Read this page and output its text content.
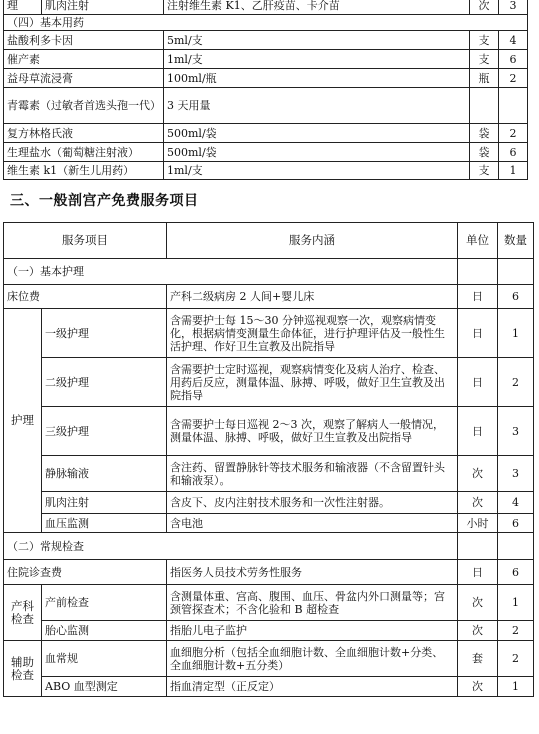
理	肌肉注射	注射维生素 K1、乙肝疫苗、卡介苗	次	3
（四）基本用药				
盐酸利多卡因		5ml/支	支	4
催产素		1ml/支	支	6
益母草流浸膏		100ml/瓶	瓶	2
青霉素（过敏者首选头孢一代）		3 天用量		
复方林格氏液		500ml/袋	袋	2
生理盐水（葡萄糖注射液）		500ml/袋	袋	6
维生素 k1（新生儿用药）		1ml/支	支	1
三、一般剖宫产免费服务项目
服务项目		服务内涵	单位	数量
（一）基本护理				
床位费		产科二级病房 2 人间+婴儿床	日	6
护理	一级护理	含需要护士每 15～30 分钟巡视观察一次，观察病情变化，根据病情变测量生命体征，进行护理评估及一般性生活护理、作好卫生宣教及出院指导	日	1
	二级护理	含需要护士定时巡视，观察病情变化及病人治疗、检查、用药后反应，测量体温、脉搏、呼吸，做好卫生宣教及出院指导	日	2
	三级护理	含需要护士每日巡视 2～3 次，观察了解病人一般情况，测量体温、脉搏、呼吸，做好卫生宣教及出院指导	日	3
	静脉输液	含注药、留置静脉针等技术服务和输液器（不含留置针头和输液泵）。	次	3
	肌肉注射	含皮下、皮内注射技术服务和一次性注射器。	次	4
	血压监测	含电池	小时	6
（二）常规检查				
住院诊查费		指医务人员技术劳务性服务	日	6
产科检查	产前检查	含测量体重、宫高、腹围、血压、骨盆内外口测量等；宫颈管探查术；不含化验和 B 超检查	次	1
	胎心监测	指胎儿电子监护	次	2
辅助检查	血常规	血细胞分析（包括全血细胞计数、全血细胞计数+分类、全血细胞计数+五分类）	套	2
	ABO 血型测定	指血清定型（正反定）	次	1
